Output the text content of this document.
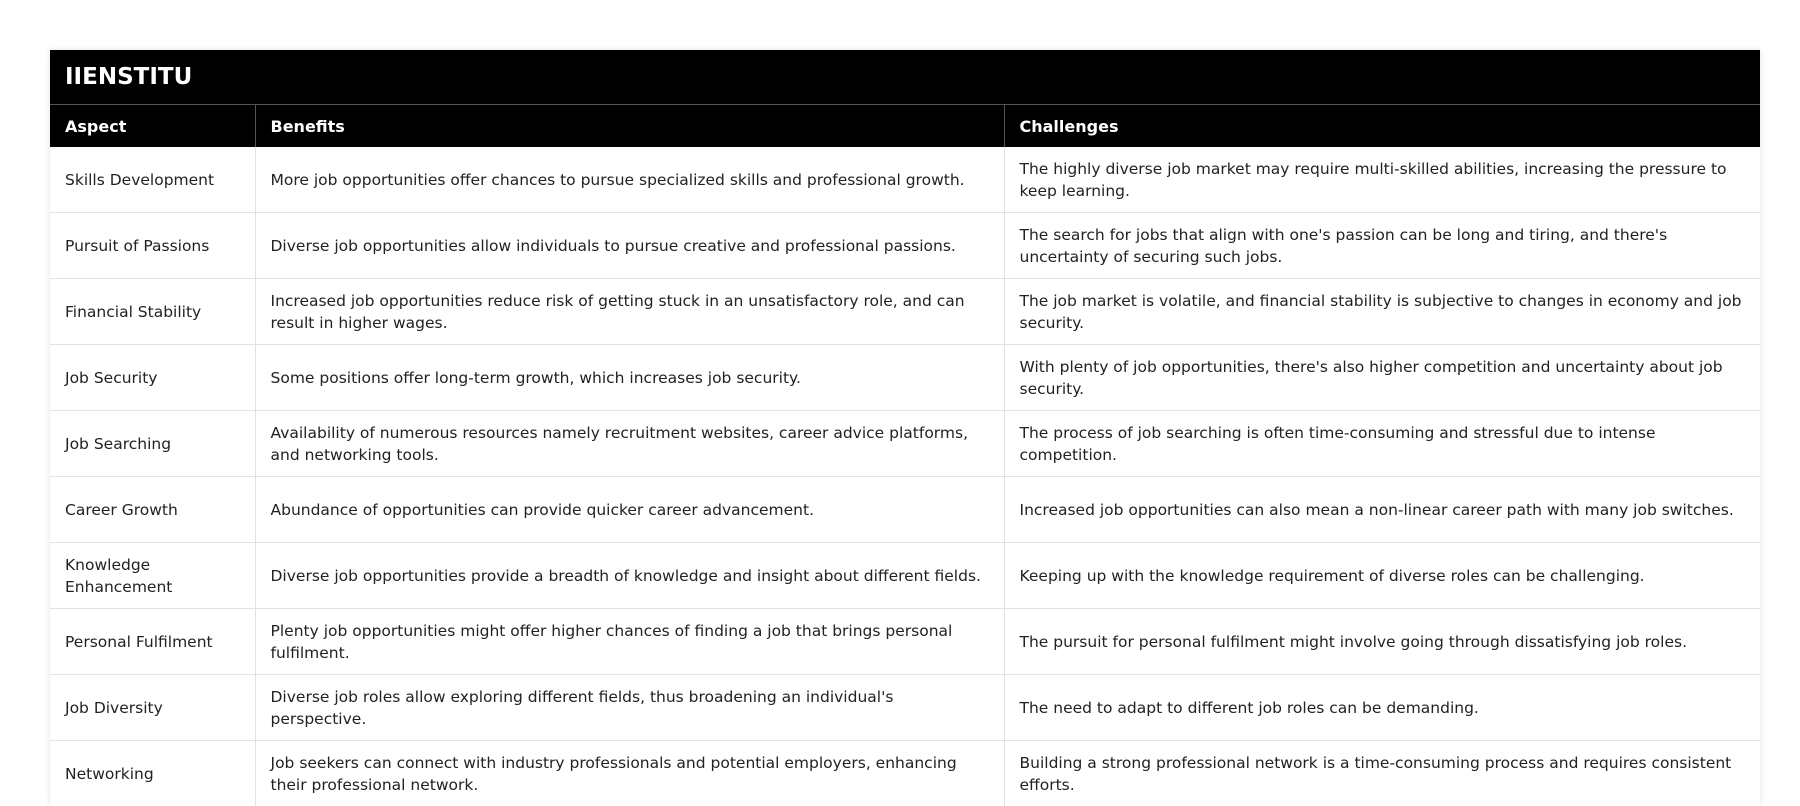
IIENSTITU		
Aspect	Benefits	Challenges
Skills Development	More job opportunities offer chances to pursue specialized skills and professional growth.	The highly diverse job market may require multi-skilled abilities, increasing the pressure to keep learning.
Pursuit of Passions	Diverse job opportunities allow individuals to pursue creative and professional passions.	The search for jobs that align with one's passion can be long and tiring, and there's uncertainty of securing such jobs.
Financial Stability	Increased job opportunities reduce risk of getting stuck in an unsatisfactory role, and can result in higher wages.	The job market is volatile, and financial stability is subjective to changes in economy and job security.
Job Security	Some positions offer long-term growth, which increases job security.	With plenty of job opportunities, there's also higher competition and uncertainty about job security.
Job Searching	Availability of numerous resources namely recruitment websites, career advice platforms, and networking tools.	The process of job searching is often time-consuming and stressful due to intense competition.
Career Growth	Abundance of opportunities can provide quicker career advancement.	Increased job opportunities can also mean a non-linear career path with many job switches.
Knowledge Enhancement	Diverse job opportunities provide a breadth of knowledge and insight about different fields.	Keeping up with the knowledge requirement of diverse roles can be challenging.
Personal Fulfilment	Plenty job opportunities might offer higher chances of finding a job that brings personal fulfilment.	The pursuit for personal fulfilment might involve going through dissatisfying job roles.
Job Diversity	Diverse job roles allow exploring different fields, thus broadening an individual's perspective.	The need to adapt to different job roles can be demanding.
Networking	Job seekers can connect with industry professionals and potential employers, enhancing their professional network.	Building a strong professional network is a time-consuming process and requires consistent efforts.
